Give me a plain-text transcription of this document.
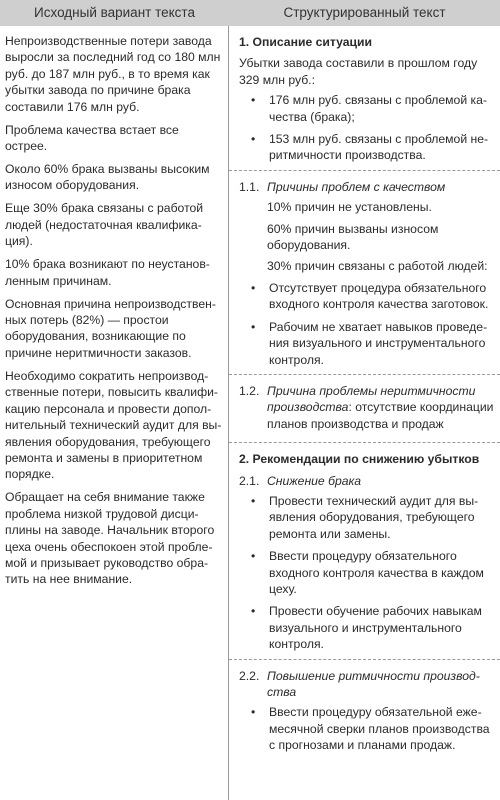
Исходный вариант текста	Структурированный текст

Непроизводственные потери завода выросли за последний год со 180 млн руб. до 187 млн руб., в то время как убытки завода по причине брака составили 176 млн руб.

Проблема качества встает все острее.

Около 60% брака вызваны высоким износом оборудования.

Еще 30% брака связаны с работой людей (недостаточная квалификация).

10% брака возникают по неустановленным причинам.

Основная причина непроизводственных потерь (82%) — простои оборудования, возникающие по причине неритмичности заказов.

Необходимо сократить непроизводственные потери, повысить квалификацию персонала и провести дополнительный технический аудит для выявления оборудования, требующего ремонта и замены в приоритетном порядке.

Обращает на себя внимание также проблема низкой трудовой дисциплины на заводе. Начальник второго цеха очень обеспокоен этой проблемой и призывает руководство обратить на нее внимание.

1. Описание ситуации
Убытки завода составили в прошлом году 329 млн руб.:
• 176 млн руб. связаны с проблемой качества (брака);
• 153 млн руб. связаны с проблемой неритмичности производства.
1.1. Причины проблем с качеством
10% причин не установлены.
60% причин вызваны износом оборудования.
30% причин связаны с работой людей:
• Отсутствует процедура обязательного входного контроля качества заготовок.
• Рабочим не хватает навыков проведения визуального и инструментального контроля.
1.2. Причина проблемы неритмичности производства: отсутствие координации планов производства и продаж
2. Рекомендации по снижению убытков
2.1. Снижение брака
• Провести технический аудит для выявления оборудования, требующего ремонта или замены.
• Ввести процедуру обязательного входного контроля качества в каждом цеху.
• Провести обучение рабочих навыкам визуального и инструментального контроля.
2.2. Повышение ритмичности производства
• Ввести процедуру обязательной ежемесячной сверки планов производства с прогнозами и планами продаж.
